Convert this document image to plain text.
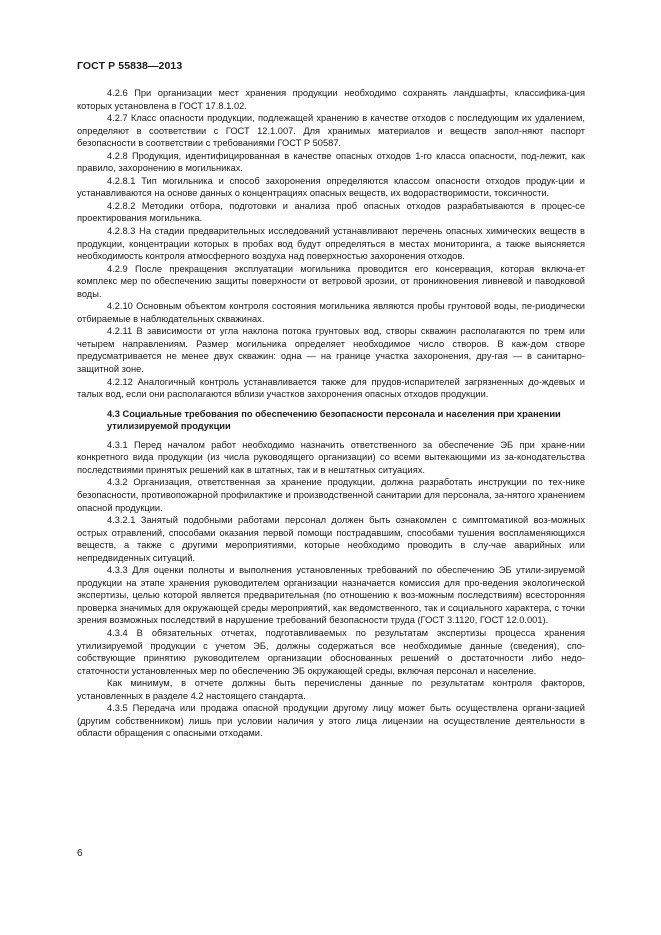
ГОСТ Р 55838—2013

4.2.6 При организации мест хранения продукции необходимо сохранять ландшафты, классифика-ция которых установлена в ГОСТ 17.8.1.02.

4.2.7 Класс опасности продукции, подлежащей хранению в качестве отходов с последующим их удалением, определяют в соответствии с ГОСТ 12.1.007. Для хранимых материалов и веществ запол-няют паспорт безопасности в соответствии с требованиями ГОСТ Р 50587.

4.2.8 Продукция, идентифицированная в качестве опасных отходов 1-го класса опасности, под-лежит, как правило, захоронению в могильниках.

4.2.8.1 Тип могильника и способ захоронения определяются классом опасности отходов продук-ции и устанавливаются на основе данных о концентрациях опасных веществ, их водорастворимости, токсичности.

4.2.8.2 Методики отбора, подготовки и анализа проб опасных отходов разрабатываются в процес-се проектирования могильника.

4.2.8.3 На стадии предварительных исследований устанавливают перечень опасных химических веществ в продукции, концентрации которых в пробах вод будут определяться в местах мониторинга, а также выясняется необходимость контроля атмосферного воздуха над поверхностью захоронения отходов.

4.2.9 После прекращения эксплуатации могильника проводится его консервация, которая включа-ет комплекс мер по обеспечению защиты поверхности от ветровой эрозии, от проникновения ливневой и паводковой воды.

4.2.10 Основным объектом контроля состояния могильника являются пробы грунтовой воды, пе-риодически отбираемые в наблюдательных скважинах.

4.2.11 В зависимости от угла наклона потока грунтовых вод, створы скважин располагаются по трем или четырем направлениям. Размер могильника определяет необходимое число створов. В каж-дом створе предусматривается не менее двух скважин: одна — на границе участка захоронения, дру-гая — в санитарно-защитной зоне.

4.2.12 Аналогичный контроль устанавливается также для прудов-испарителей загрязненных до-ждевых и талых вод, если они располагаются вблизи участков захоронения опасных отходов продукции.

4.3 Социальные требования по обеспечению безопасности персонала и населения при хранении утилизируемой продукции

4.3.1 Перед началом работ необходимо назначить ответственного за обеспечение ЭБ при хране-нии конкретного вида продукции (из числа руководящего организации) со всеми вытекающими из за-конодательства последствиями принятых решений как в штатных, так и в нештатных ситуациях.

4.3.2 Организация, ответственная за хранение продукции, должна разработать инструкции по тех-нике безопасности, противопожарной профилактике и производственной санитарии для персонала, за-нятого хранением опасной продукции.

4.3.2.1 Занятый подобными работами персонал должен быть ознакомлен с симптоматикой воз-можных острых отравлений, способами оказания первой помощи пострадавшим, способами тушения воспламеняющихся веществ, а также с другими мероприятиями, которые необходимо проводить в слу-чае аварийных или непредвиденных ситуаций.

4.3.3 Для оценки полноты и выполнения установленных требований по обеспечению ЭБ утили-зируемой продукции на этапе хранения руководителем организации назначается комиссия для про-ведения экологической экспертизы, целью которой является предварительная (по отношению к воз-можным последствиям) всесторонняя проверка значимых для окружающей среды мероприятий, как ведомственного, так и социального характера, с точки зрения возможных последствий в нарушение требований безопасности труда (ГОСТ 3.1120, ГОСТ 12.0.001).

4.3.4 В обязательных отчетах, подготавливаемых по результатам экспертизы процесса хранения утилизируемой продукции с учетом ЭБ, должны содержаться все необходимые данные (сведения), спо-собствующие принятию руководителем организации обоснованных решений о достаточности либо недо-статочности установленных мер по обеспечению ЭБ окружающей среды, включая персонал и население.

Как минимум, в отчете должны быть перечислены данные по результатам контроля факторов, установленных в разделе 4.2 настоящего стандарта.

4.3.5 Передача или продажа опасной продукции другому лицу может быть осуществлена органи-зацией (другим собственником) лишь при условии наличия у этого лица лицензии на осуществление деятельности в области обращения с опасными отходами.

6
